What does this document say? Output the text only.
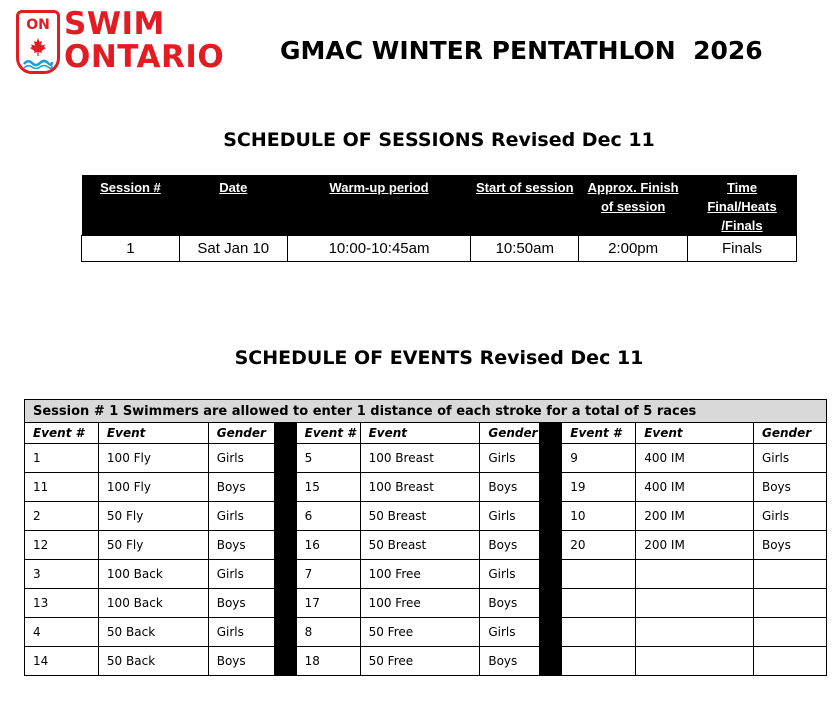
ON SWIM
ONTARIO GMAC WINTER PENTATHLON  2026
SCHEDULE OF SESSIONS Revised Dec 11
Session #	Date	Warm-up period	Start of session	Approx. Finish of session	Time Final/Heats /Finals
1	Sat Jan 10	10:00-10:45am	10:50am	2:00pm	Finals
SCHEDULE OF EVENTS Revised Dec 11
Session # 1 Swimmers are allowed to enter 1 distance of each stroke for a total of 5 races										
Event #	Event	Gender		Event #	Event	Gender		Event #	Event	Gender
1	100 Fly	Girls		5	100 Breast	Girls		9	400 IM	Girls
11	100 Fly	Boys		15	100 Breast	Boys		19	400 IM	Boys
2	50 Fly	Girls		6	50 Breast	Girls		10	200 IM	Girls
12	50 Fly	Boys		16	50 Breast	Boys		20	200 IM	Boys
3	100 Back	Girls		7	100 Free	Girls				
13	100 Back	Boys		17	100 Free	Boys				
4	50 Back	Girls		8	50 Free	Girls				
14	50 Back	Boys		18	50 Free	Boys				
